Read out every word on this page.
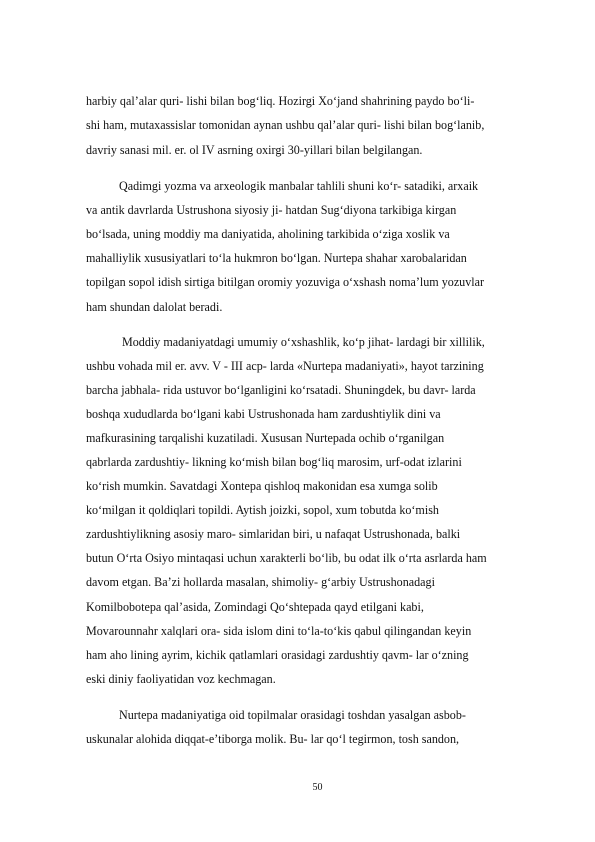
harbiy qal’alar quri- lishi bilan bog‘liq. Hozirgi Xo‘jand shahrining paydo bo‘li-
shi ham, mutaxassislar tomonidan aynan ushbu qal’alar quri- lishi bilan bog‘lanib,
davriy sanasi mil. er. ol IV asrning oxirgi 30-yillari bilan belgilangan.
Qadimgi yozma va arxeologik manbalar tahlili shuni ko‘r- satadiki, arxaik
va antik davrlarda Ustrushona siyosiy ji- hatdan Sug‘diyona tarkibiga kirgan
bo‘lsada, uning moddiy ma daniyatida, aholining tarkibida o‘ziga xoslik va
mahalliylik xususiyatlari to‘la hukmron bo‘lgan. Nurtepa shahar xarobalaridan
topilgan sopol idish sirtiga bitilgan oromiy yozuviga o‘xshash noma’lum yozuvlar
ham shundan dalolat beradi.
Moddiy madaniyatdagi umumiy o‘xshashlik, ko‘p jihat- lardagi bir xillilik,
ushbu vohada mil er. avv. V - III acp- larda «Nurtepa madaniyati», hayot tarzining
barcha jabhala- rida ustuvor bo‘lganligini ko‘rsatadi. Shuningdek, bu davr- larda
boshqa xududlarda bo‘lgani kabi Ustrushonada ham zardushtiylik dini va
mafkurasining tarqalishi kuzatiladi. Xususan Nurtepada ochib o‘rganilgan
qabrlarda zardushtiy- likning ko‘mish bilan bog‘liq marosim, urf-odat izlarini
ko‘rish mumkin. Savatdagi Xontepa qishloq makonidan esa xumga solib
ko‘milgan it qoldiqlari topildi. Aytish joizki, sopol, xum tobutda ko‘mish
zardushtiylikning asosiy maro- simlaridan biri, u nafaqat Ustrushonada, balki
butun O‘rta Osiyo mintaqasi uchun xarakterli bo‘lib, bu odat ilk o‘rta asrlarda ham
davom etgan. Ba’zi hollarda masalan, shimoliy- g‘arbiy Ustrushonadagi
Komilbobotepa qal’asida, Zomindagi Qo‘shtepada qayd etilgani kabi,
Movarounnahr xalqlari ora- sida islom dini to‘la-to‘kis qabul qilingandan keyin
ham aho lining ayrim, kichik qatlamlari orasidagi zardushtiy qavm- lar o‘zning
eski diniy faoliyatidan voz kechmagan.
Nurtepa madaniyatiga oid topilmalar orasidagi toshdan yasalgan asbob-
uskunalar alohida diqqat-e’tiborga molik. Bu- lar qo‘l tegirmon, tosh sandon,
50
